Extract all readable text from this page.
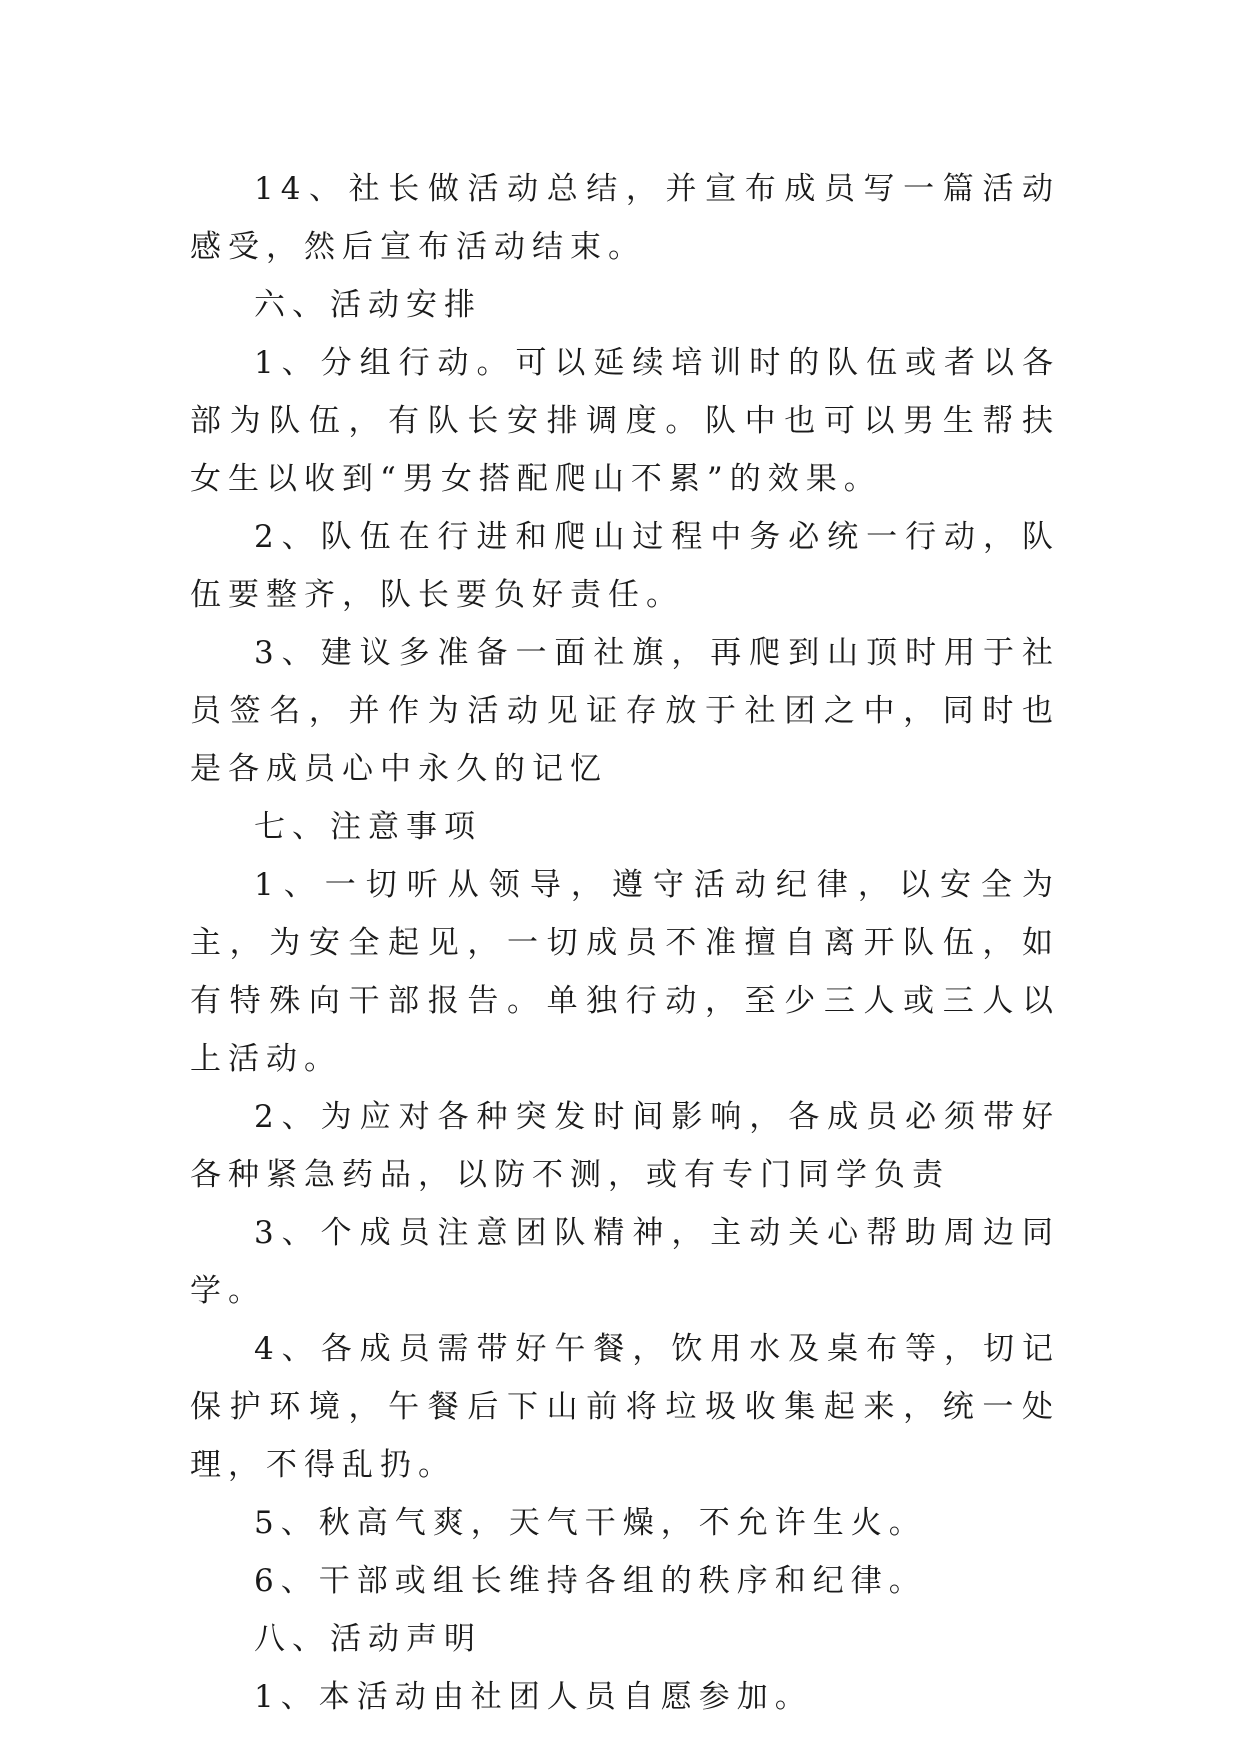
14、社长做活动总结，并宣布成员写一篇活动感受，然后宣布活动结束。

六、活动安排

1、分组行动。可以延续培训时的队伍或者以各部为队伍，有队长安排调度。队中也可以男生帮扶女生以收到“男女搭配爬山不累”的效果。

2、队伍在行进和爬山过程中务必统一行动，队伍要整齐，队长要负好责任。

3、建议多准备一面社旗，再爬到山顶时用于社员签名，并作为活动见证存放于社团之中，同时也是各成员心中永久的记忆

七、注意事项

1、一切听从领导，遵守活动纪律，以安全为主，为安全起见，一切成员不准擅自离开队伍，如有特殊向干部报告。单独行动，至少三人或三人以上活动。

2、为应对各种突发时间影响，各成员必须带好各种紧急药品，以防不测，或有专门同学负责

3、个成员注意团队精神，主动关心帮助周边同学。

4、各成员需带好午餐，饮用水及桌布等，切记保护环境，午餐后下山前将垃圾收集起来，统一处理，不得乱扔。

5、秋高气爽，天气干燥，不允许生火。

6、干部或组长维持各组的秩序和纪律。

八、活动声明

1、本活动由社团人员自愿参加。
